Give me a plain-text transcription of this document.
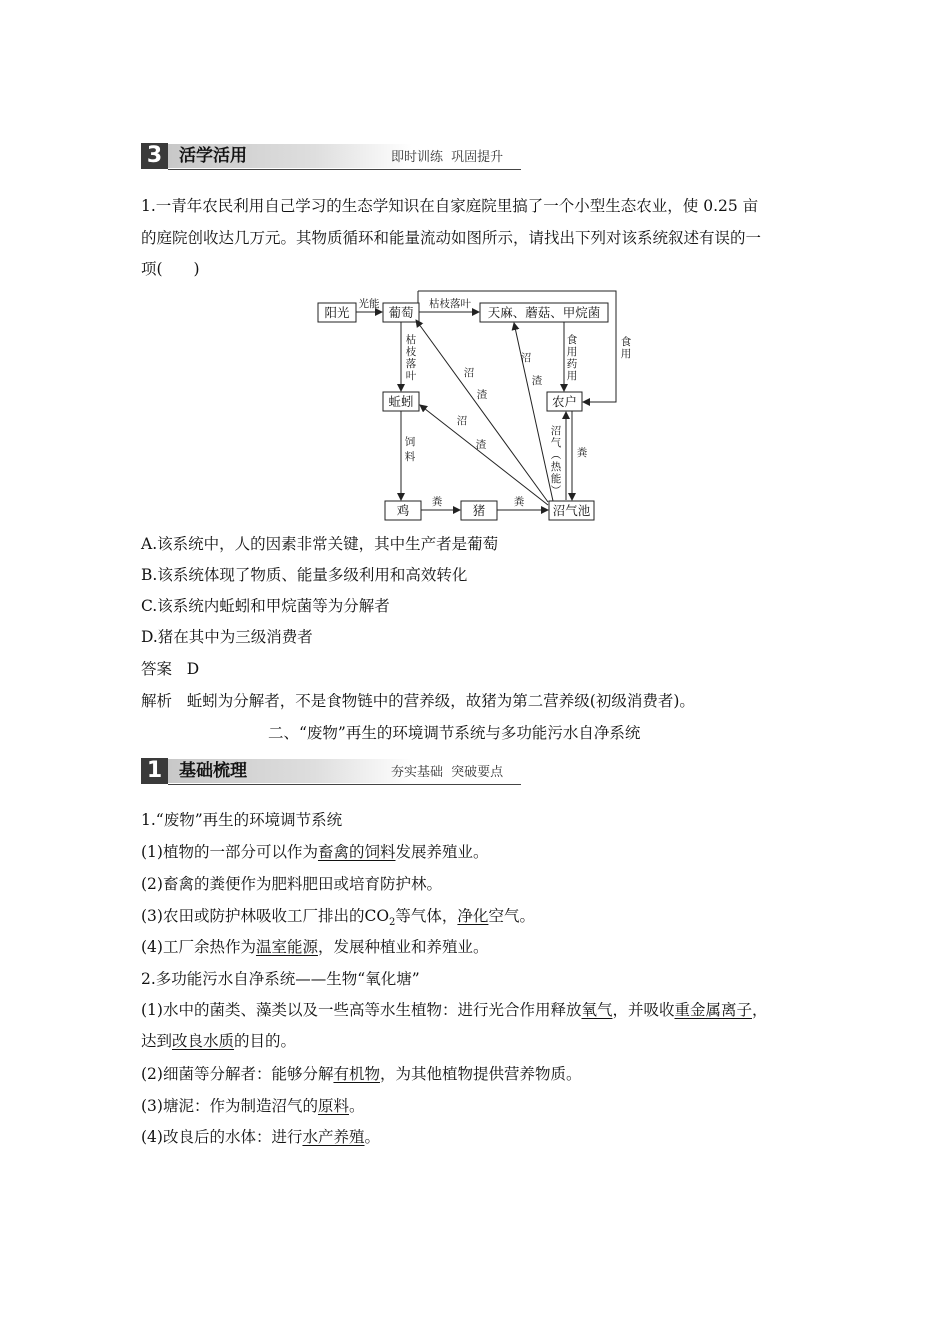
3 活学活用	即时训练 巩固提升
1.一青年农民利用自己学习的生态学知识在自家庭院里搞了一个小型生态农业，使 0.25 亩
的庭院创收达几万元。其物质循环和能量流动如图所示，请找出下列对该系统叙述有误的一
项(　　)
阳光	葡萄	天麻、蘑菇、甲烷菌
蚯蚓	农户
鸡	猪	沼气池
光能	枯枝落叶
粪	粪
粪
枯
枝
落
叶
饲
料
食
用
药
用
食
用
沼
气
︵
热
能
︶
沼
渣
沼
渣
沼
渣
A.该系统中，人的因素非常关键，其中生产者是葡萄
B.该系统体现了物质、能量多级利用和高效转化
C.该系统内蚯蚓和甲烷菌等为分解者
D.猪在其中为三级消费者
答案 D
解析 蚯蚓为分解者，不是食物链中的营养级，故猪为第二营养级(初级消费者)。
二、“废物”再生的环境调节系统与多功能污水自净系统
1 基础梳理	夯实基础 突破要点
1.“废物”再生的环境调节系统
(1)植物的一部分可以作为畜禽的饲料发展养殖业。
(2)畜禽的粪便作为肥料肥田或培育防护林。
(3)农田或防护林吸收工厂排出的$CO_2$等气体，净化空气。
(4)工厂余热作为温室能源，发展种植业和养殖业。
2.多功能污水自净系统——生物“氧化塘”
(1)水中的菌类、藻类以及一些高等水生植物：进行光合作用释放氧气，并吸收重金属离子，
达到改良水质的目的。
(2)细菌等分解者：能够分解有机物，为其他植物提供营养物质。
(3)塘泥：作为制造沼气的原料。
(4)改良后的水体：进行水产养殖。
